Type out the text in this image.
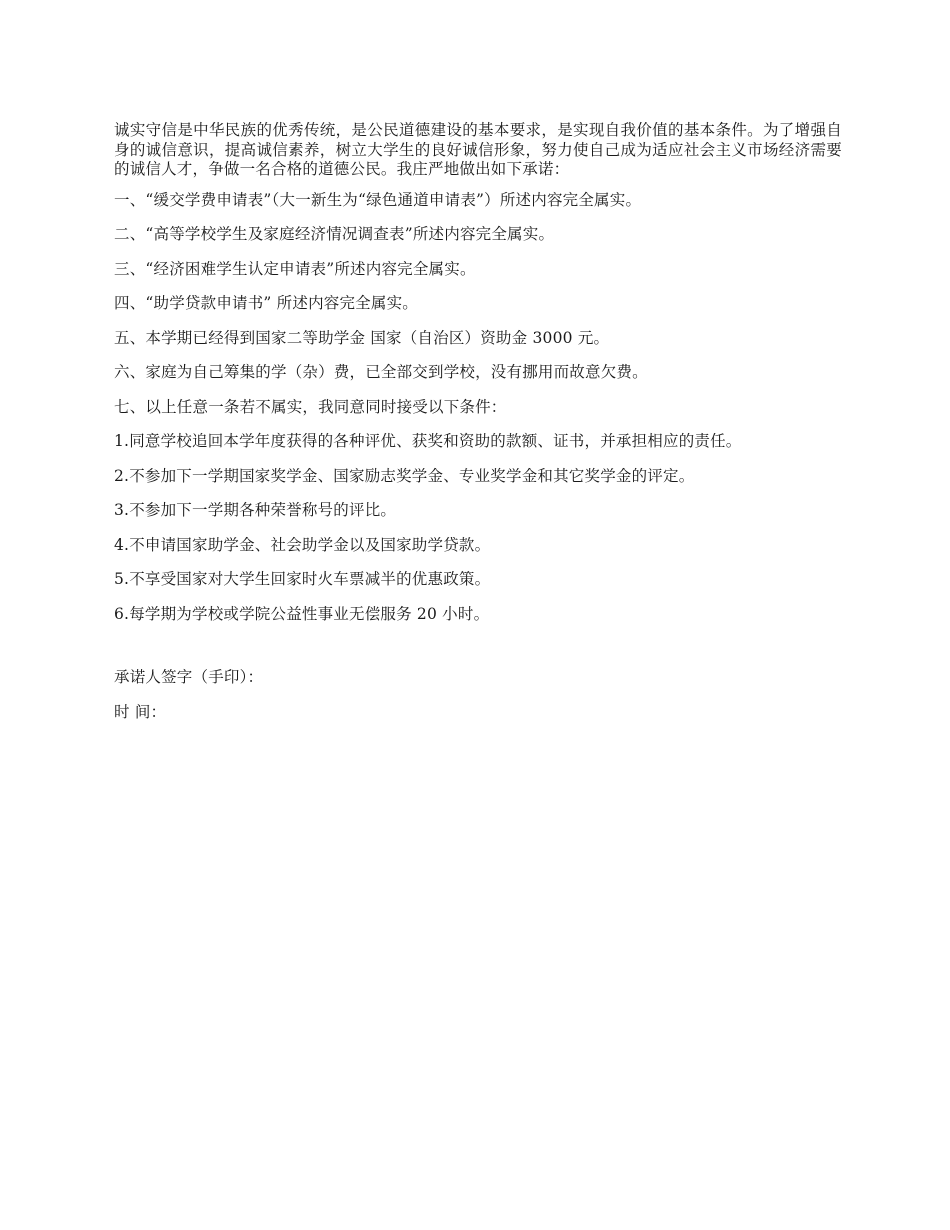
诚实守信是中华民族的优秀传统，是公民道德建设的基本要求，是实现自我价值的基本条件。为了增强自身的诚信意识，提高诚信素养，树立大学生的良好诚信形象，努力使自己成为适应社会主义市场经济需要的诚信人才，争做一名合格的道德公民。我庄严地做出如下承诺：

一、“缓交学费申请表”（大一新生为“绿色通道申请表”）所述内容完全属实。

二、“高等学校学生及家庭经济情况调查表”所述内容完全属实。

三、“经济困难学生认定申请表”所述内容完全属实。

四、“助学贷款申请书” 所述内容完全属实。

五、本学期已经得到国家二等助学金 国家（自治区）资助金 3000 元。

六、家庭为自己筹集的学（杂）费，已全部交到学校，没有挪用而故意欠费。

七、以上任意一条若不属实，我同意同时接受以下条件：

1.同意学校追回本学年度获得的各种评优、获奖和资助的款额、证书，并承担相应的责任。

2.不参加下一学期国家奖学金、国家励志奖学金、专业奖学金和其它奖学金的评定。

3.不参加下一学期各种荣誉称号的评比。

4.不申请国家助学金、社会助学金以及国家助学贷款。

5.不享受国家对大学生回家时火车票减半的优惠政策。

6.每学期为学校或学院公益性事业无偿服务 20 小时。

承诺人签字（手印）：

时 间：
